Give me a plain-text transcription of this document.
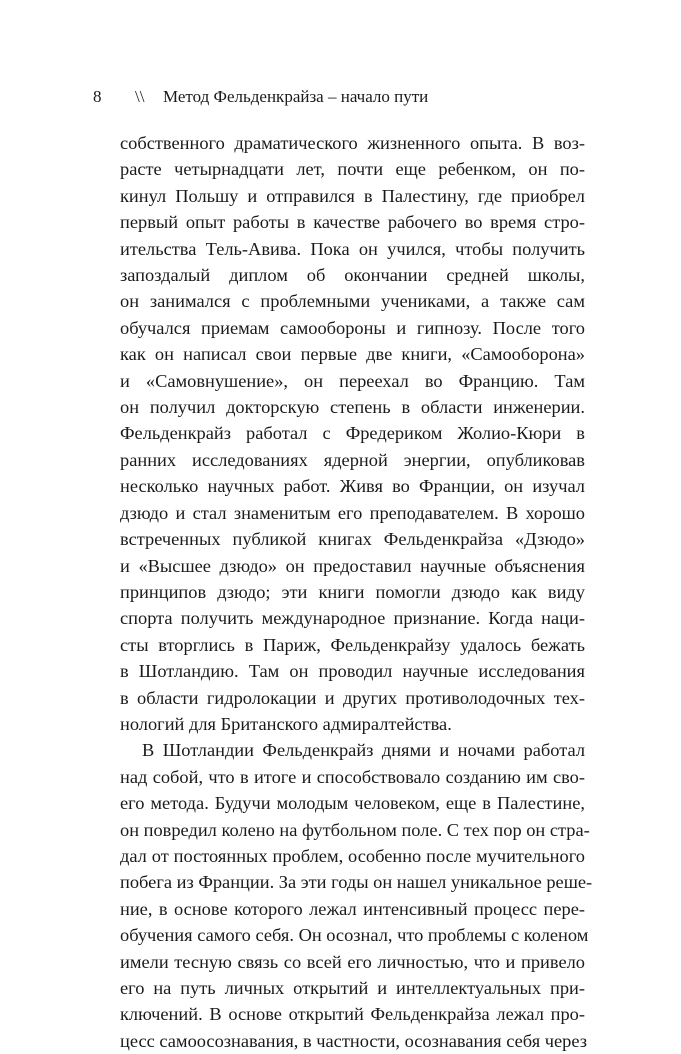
8 \\ Метод Фельденкрайза – начало пути
собственного драматического жизненного опыта. В воз-
расте четырнадцати лет, почти еще ребенком, он по-
кинул Польшу и отправился в Палестину, где приобрел
первый опыт работы в качестве рабочего во время стро-
ительства Тель-Авива. Пока он учился, чтобы получить
запоздалый диплом об окончании средней школы,
он занимался с проблемными учениками, а также сам
обучался приемам самообороны и гипнозу. После того
как он написал свои первые две книги, «Самооборона»
и «Самовнушение», он переехал во Францию. Там
он получил докторскую степень в области инженерии.
Фельденкрайз работал с Фредериком Жолио-Кюри в
ранних исследованиях ядерной энергии, опубликовав
несколько научных работ. Живя во Франции, он изучал
дзюдо и стал знаменитым его преподавателем. В хорошо
встреченных публикой книгах Фельденкрайза «Дзюдо»
и «Высшее дзюдо» он предоставил научные объяснения
принципов дзюдо; эти книги помогли дзюдо как виду
спорта получить международное признание. Когда наци-
сты вторглись в Париж, Фельденкрайзу удалось бежать
в Шотландию. Там он проводил научные исследования
в области гидролокации и других противолодочных тех-
нологий для Британского адмиралтейства.
В Шотландии Фельденкрайз днями и ночами работал
над собой, что в итоге и способствовало созданию им сво-
его метода. Будучи молодым человеком, еще в Палестине,
он повредил колено на футбольном поле. С тех пор он стра-
дал от постоянных проблем, особенно после мучительного
побега из Франции. За эти годы он нашел уникальное реше-
ние, в основе которого лежал интенсивный процесс пере-
обучения самого себя. Он осознал, что проблемы с коленом
имели тесную связь со всей его личностью, что и привело
его на путь личных открытий и интеллектуальных при-
ключений. В основе открытий Фельденкрайза лежал про-
цесс самоосознавания, в частности, осознавания себя через
